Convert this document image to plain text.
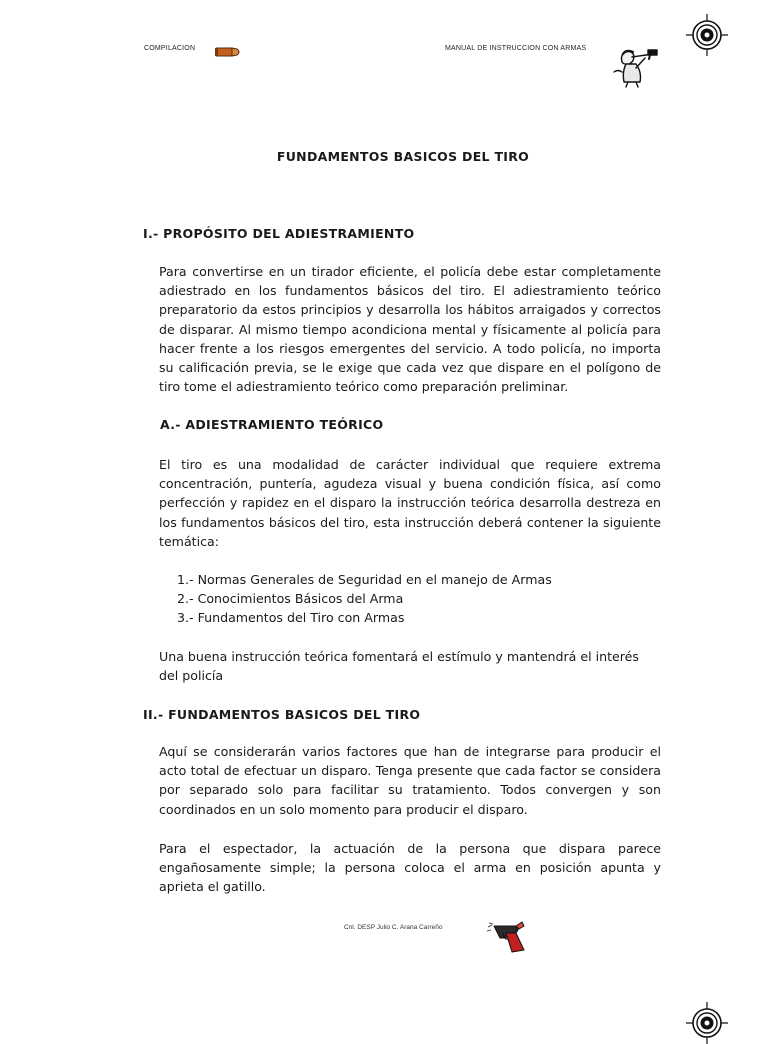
COMPILACION	MANUAL DE INSTRUCCION CON ARMAS
FUNDAMENTOS BASICOS DEL TIRO
I.- PROPÓSITO DEL ADIESTRAMIENTO
Para convertirse en un tirador eficiente, el policía debe estar completamente adiestrado en los fundamentos básicos del tiro. El adiestramiento teórico preparatorio da estos principios y desarrolla los hábitos arraigados y correctos de disparar. Al mismo tiempo acondiciona mental y físicamente al policía para hacer frente a los riesgos emergentes del servicio. A todo policía, no importa su calificación previa, se le exige que cada vez que dispare en el polígono de tiro tome el adiestramiento teórico como preparación preliminar.
A.- ADIESTRAMIENTO TEÓRICO
El tiro es una modalidad de carácter individual que requiere extrema concentración, puntería, agudeza visual y buena condición física, así como perfección y rapidez en el disparo la instrucción teórica desarrolla destreza en los fundamentos básicos del tiro, esta instrucción deberá contener la siguiente temática:
1.- Normas Generales de Seguridad en el manejo de Armas
2.- Conocimientos Básicos del Arma
3.- Fundamentos del Tiro con Armas
Una buena instrucción teórica fomentará el estímulo y mantendrá el interés del policía
II.- FUNDAMENTOS BASICOS DEL TIRO
Aquí se considerarán varios factores que han de integrarse para producir el acto total de efectuar un disparo. Tenga presente que cada factor se considera por separado solo para facilitar su tratamiento. Todos convergen y son coordinados en un solo momento para producir el disparo.
Para el espectador, la actuación de la persona que dispara parece engañosamente simple; la persona coloca el arma en posición apunta y aprieta el gatillo.
Cnl. DESP Julio C. Arana Carreño
